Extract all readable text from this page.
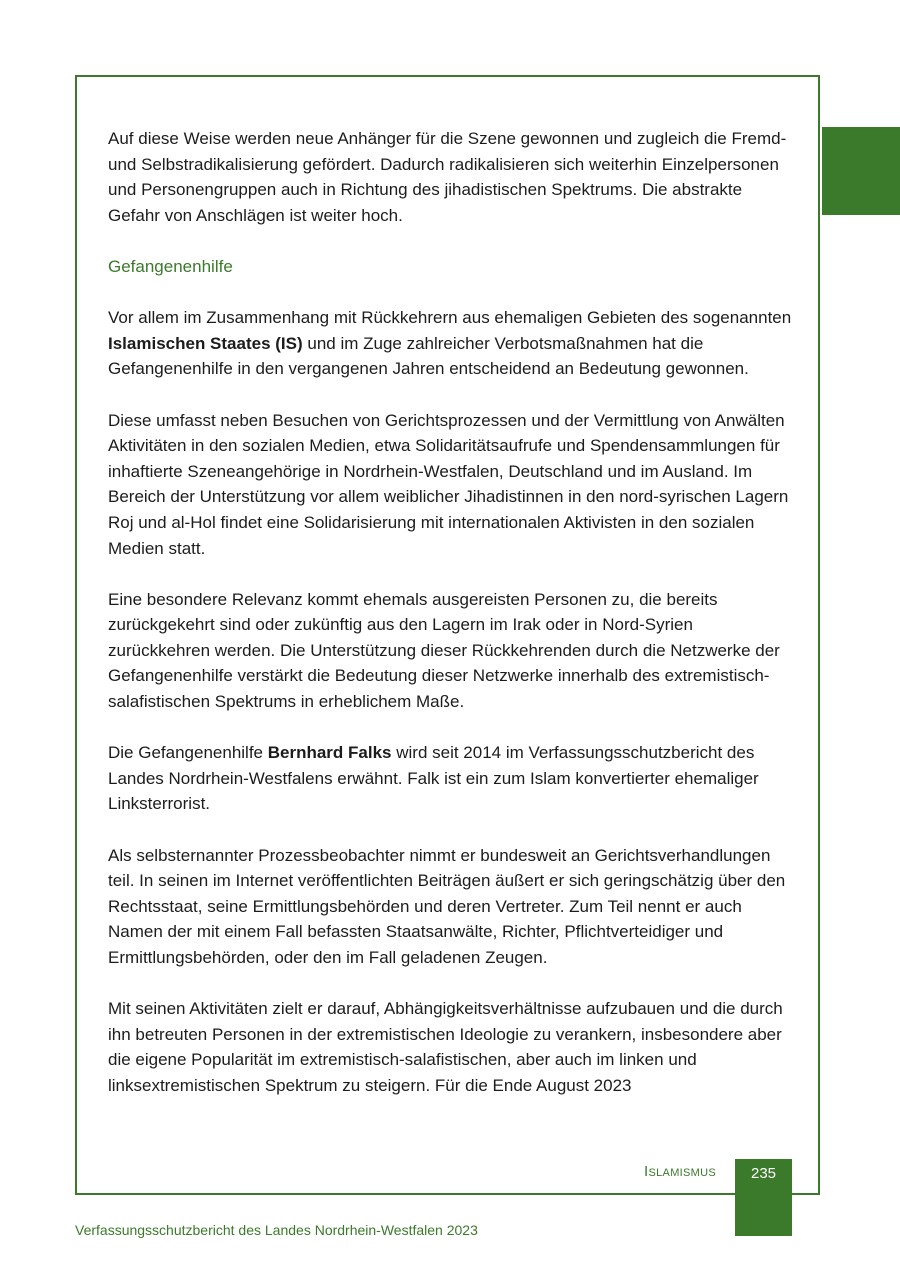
Auf diese Weise werden neue Anhänger für die Szene gewonnen und zugleich die Fremd- und Selbstradikalisierung gefördert. Dadurch radikalisieren sich weiterhin Einzelpersonen und Personengruppen auch in Richtung des jihadistischen Spektrums. Die abstrakte Gefahr von Anschlägen ist weiter hoch.

Gefangenenhilfe

Vor allem im Zusammenhang mit Rückkehrern aus ehemaligen Gebieten des sogenannten Islamischen Staates (IS) und im Zuge zahlreicher Verbotsmaßnahmen hat die Gefangenenhilfe in den vergangenen Jahren entscheidend an Bedeutung gewonnen.

Diese umfasst neben Besuchen von Gerichtsprozessen und der Vermittlung von Anwälten Aktivitäten in den sozialen Medien, etwa Solidaritätsaufrufe und Spendensammlungen für inhaftierte Szeneangehörige in Nordrhein-Westfalen, Deutschland und im Ausland. Im Bereich der Unterstützung vor allem weiblicher Jihadistinnen in den nord-syrischen Lagern Roj und al-Hol findet eine Solidarisierung mit internationalen Aktivisten in den sozialen Medien statt.

Eine besondere Relevanz kommt ehemals ausgereisten Personen zu, die bereits zurückgekehrt sind oder zukünftig aus den Lagern im Irak oder in Nord-Syrien zurückkehren werden. Die Unterstützung dieser Rückkehrenden durch die Netzwerke der Gefangenenhilfe verstärkt die Bedeutung dieser Netzwerke innerhalb des extremistisch-salafistischen Spektrums in erheblichem Maße.

Die Gefangenenhilfe Bernhard Falks wird seit 2014 im Verfassungsschutzbericht des Landes Nordrhein-Westfalens erwähnt. Falk ist ein zum Islam konvertierter ehemaliger Linksterrorist.

Als selbsternannter Prozessbeobachter nimmt er bundesweit an Gerichtsverhandlungen teil. In seinen im Internet veröffentlichten Beiträgen äußert er sich geringschätzig über den Rechtsstaat, seine Ermittlungsbehörden und deren Vertreter. Zum Teil nennt er auch Namen der mit einem Fall befassten Staatsanwälte, Richter, Pflichtverteidiger und Ermittlungsbehörden, oder den im Fall geladenen Zeugen.

Mit seinen Aktivitäten zielt er darauf, Abhängigkeitsverhältnisse aufzubauen und die durch ihn betreuten Personen in der extremistischen Ideologie zu verankern, insbesondere aber die eigene Popularität im extremistisch-salafistischen, aber auch im linken und linksextremistischen Spektrum zu steigern. Für die Ende August 2023

Islamismus	235
Verfassungsschutzbericht des Landes Nordrhein-Westfalen 2023
